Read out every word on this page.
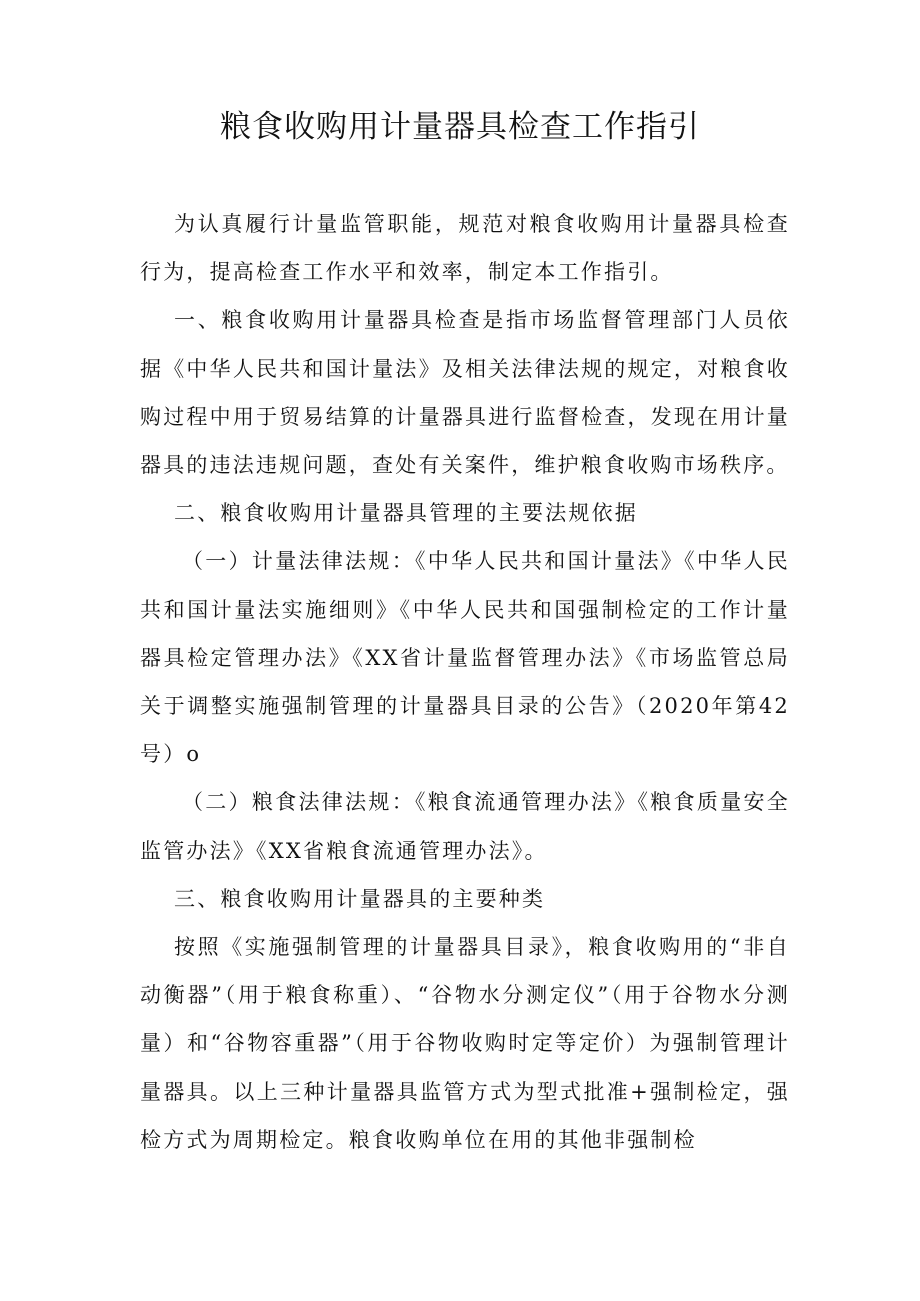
粮食收购用计量器具检查工作指引

为认真履行计量监管职能，规范对粮食收购用计量器具检查行为，提高检查工作水平和效率，制定本工作指引。

一、粮食收购用计量器具检查是指市场监督管理部门人员依据《中华人民共和国计量法》及相关法律法规的规定，对粮食收购过程中用于贸易结算的计量器具进行监督检查，发现在用计量器具的违法违规问题，查处有关案件，维护粮食收购市场秩序。

二、粮食收购用计量器具管理的主要法规依据

（一）计量法律法规：《中华人民共和国计量法》《中华人民共和国计量法实施细则》《中华人民共和国强制检定的工作计量器具检定管理办法》《XX省计量监督管理办法》《市场监管总局关于调整实施强制管理的计量器具目录的公告》（2020年第42号）o

（二）粮食法律法规：《粮食流通管理办法》《粮食质量安全监管办法》《XX省粮食流通管理办法》。

三、粮食收购用计量器具的主要种类

按照《实施强制管理的计量器具目录》，粮食收购用的“非自动衡器”（用于粮食称重）、“谷物水分测定仪”（用于谷物水分测量）和“谷物容重器”（用于谷物收购时定等定价）为强制管理计量器具。以上三种计量器具监管方式为型式批准+强制检定，强检方式为周期检定。粮食收购单位在用的其他非强制检
